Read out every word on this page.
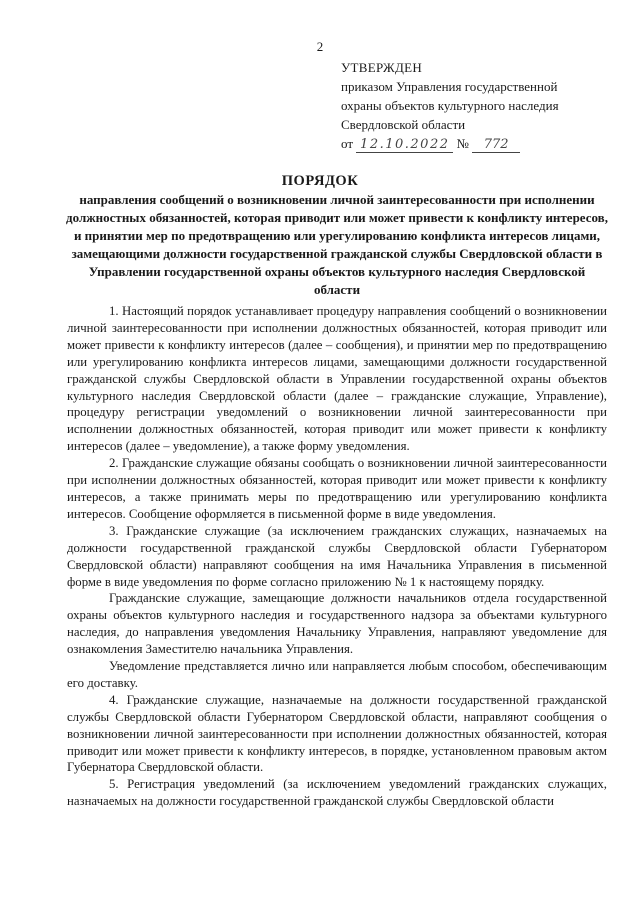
2
УТВЕРЖДЕН
приказом Управления государственной
охраны объектов культурного наследия
Свердловской области
от 12.10.2022 № 772
ПОРЯДОК
направления сообщений о возникновении личной заинтересованности при исполнении должностных обязанностей, которая приводит или может привести к конфликту интересов, и принятии мер по предотвращению или урегулированию конфликта интересов лицами, замещающими должности государственной гражданской службы Свердловской области в Управлении государственной охраны объектов культурного наследия Свердловской области

1. Настоящий порядок устанавливает процедуру направления сообщений о возникновении личной заинтересованности при исполнении должностных обязанностей, которая приводит или может привести к конфликту интересов (далее – сообщения), и принятии мер по предотвращению или урегулированию конфликта интересов лицами, замещающими должности государственной гражданской службы Свердловской области в Управлении государственной охраны объектов культурного наследия Свердловской области (далее – гражданские служащие, Управление), процедуру регистрации уведомлений о возникновении личной заинтересованности при исполнении должностных обязанностей, которая приводит или может привести к конфликту интересов (далее – уведомление), а также форму уведомления.

2. Гражданские служащие обязаны сообщать о возникновении личной заинтересованности при исполнении должностных обязанностей, которая приводит или может привести к конфликту интересов, а также принимать меры по предотвращению или урегулированию конфликта интересов. Сообщение оформляется в письменной форме в виде уведомления.

3. Гражданские служащие (за исключением гражданских служащих, назначаемых на должности государственной гражданской службы Свердловской области Губернатором Свердловской области) направляют сообщения на имя Начальника Управления в письменной форме в виде уведомления по форме согласно приложению № 1 к настоящему порядку.

Гражданские служащие, замещающие должности начальников отдела государственной охраны объектов культурного наследия и государственного надзора за объектами культурного наследия, до направления уведомления Начальнику Управления, направляют уведомление для ознакомления Заместителю начальника Управления.

Уведомление представляется лично или направляется любым способом, обеспечивающим его доставку.

4. Гражданские служащие, назначаемые на должности государственной гражданской службы Свердловской области Губернатором Свердловской области, направляют сообщения о возникновении личной заинтересованности при исполнении должностных обязанностей, которая приводит или может привести к конфликту интересов, в порядке, установленном правовым актом Губернатора Свердловской области.

5. Регистрация уведомлений (за исключением уведомлений гражданских служащих, назначаемых на должности государственной гражданской службы Свердловской области
